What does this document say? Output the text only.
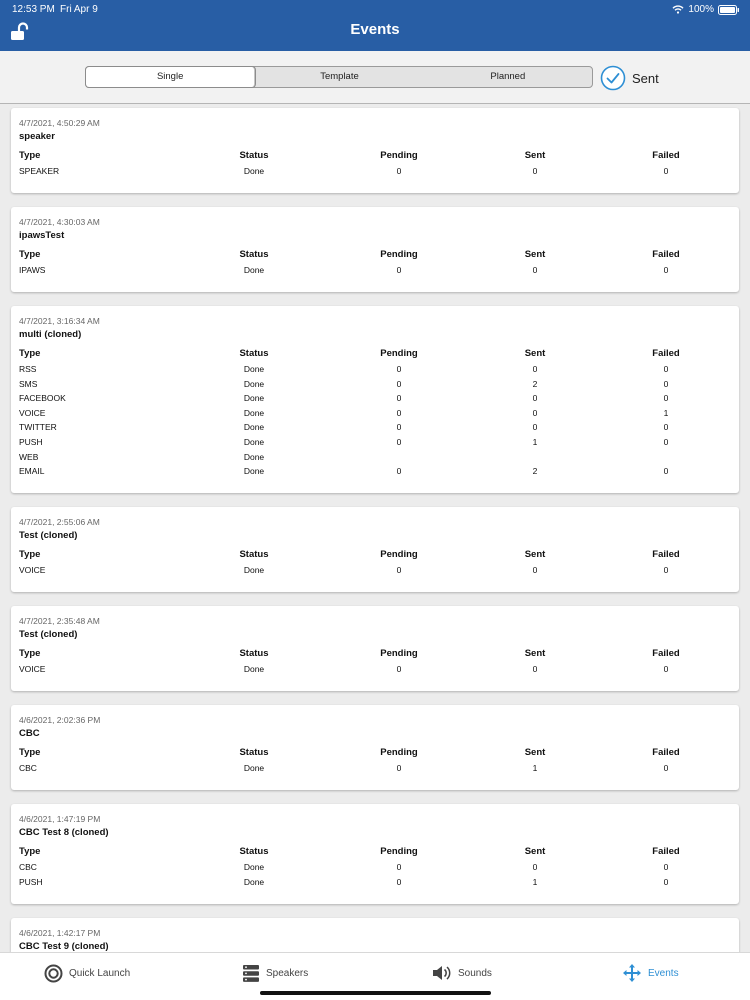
12:53 PM Fri Apr 9	100%
Events
Single	Template	Planned	Sent
4/7/2021, 4:50:29 AM
speaker
Type	Status	Pending	Sent	Failed
SPEAKER	Done	0	0	0
4/7/2021, 4:30:03 AM
ipawsTest
Type	Status	Pending	Sent	Failed
IPAWS	Done	0	0	0
4/7/2021, 3:16:34 AM
multi (cloned)
Type	Status	Pending	Sent	Failed
RSS	Done	0	0	0
SMS	Done	0	2	0
FACEBOOK	Done	0	0	0
VOICE	Done	0	0	1
TWITTER	Done	0	0	0
PUSH	Done	0	1	0
WEB	Done
EMAIL	Done	0	2	0
4/7/2021, 2:55:06 AM
Test (cloned)
Type	Status	Pending	Sent	Failed
VOICE	Done	0	0	0
4/7/2021, 2:35:48 AM
Test (cloned)
Type	Status	Pending	Sent	Failed
VOICE	Done	0	0	0
4/6/2021, 2:02:36 PM
CBC
Type	Status	Pending	Sent	Failed
CBC	Done	0	1	0
4/6/2021, 1:47:19 PM
CBC Test 8 (cloned)
Type	Status	Pending	Sent	Failed
CBC	Done	0	0	0
PUSH	Done	0	1	0
4/6/2021, 1:42:17 PM
CBC Test 9 (cloned)
Quick Launch	Speakers	Sounds	Events
